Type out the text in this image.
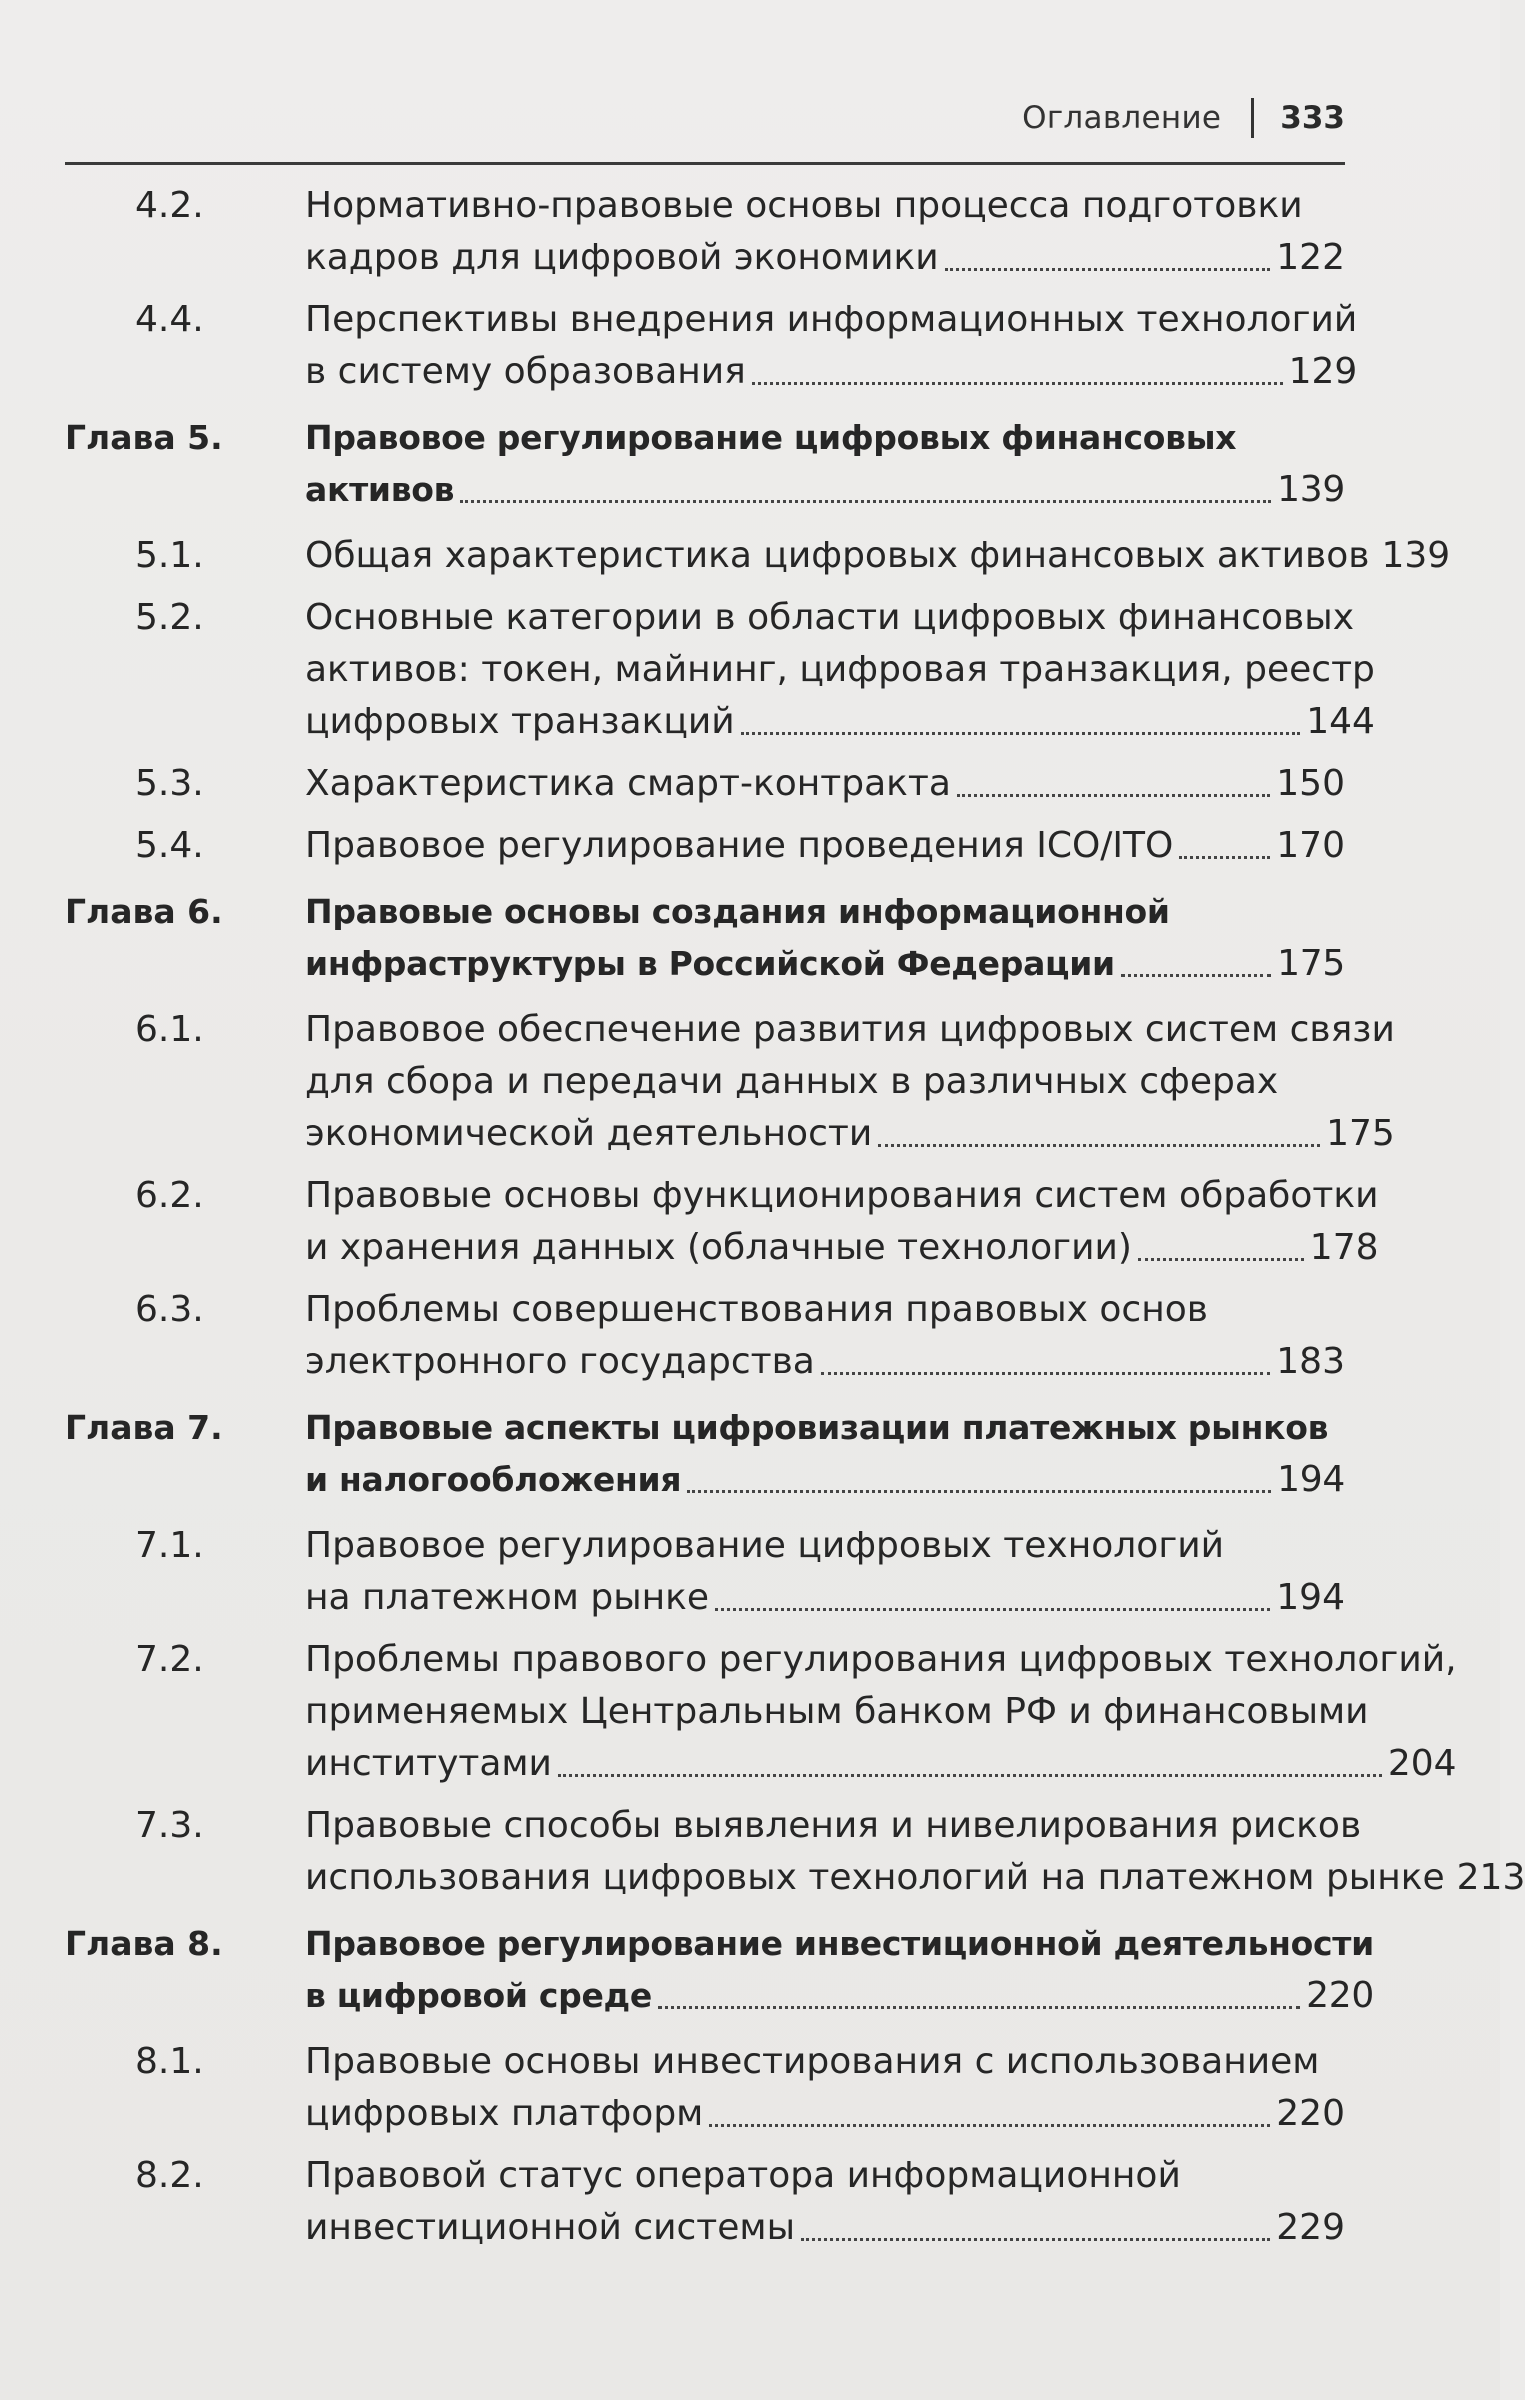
Оглавление 333
4.2.	Нормативно-правовые основы процесса подготовки
кадров для цифровой экономики	122
4.4.	Перспективы внедрения информационных технологий
в систему образования	129
Глава 5.	Правовое регулирование цифровых финансовых
активов	139
5.1.	Общая характеристика цифровых финансовых активов 139
5.2.	Основные категории в области цифровых финансовых
активов: токен, майнинг, цифровая транзакция, реестр
цифровых транзакций	144
5.3.	Характеристика смарт-контракта	150
5.4.	Правовое регулирование проведения ICO/ITO	170
Глава 6.	Правовые основы создания информационной
инфраструктуры в Российской Федерации	175
6.1.	Правовое обеспечение развития цифровых систем связи
для сбора и передачи данных в различных сферах
экономической деятельности	175
6.2.	Правовые основы функционирования систем обработки
и хранения данных (облачные технологии)	178
6.3.	Проблемы совершенствования правовых основ
электронного государства	183
Глава 7.	Правовые аспекты цифровизации платежных рынков
и налогообложения	194
7.1.	Правовое регулирование цифровых технологий
на платежном рынке	194
7.2.	Проблемы правового регулирования цифровых технологий,
применяемых Центральным банком РФ и финансовыми
институтами	204
7.3.	Правовые способы выявления и нивелирования рисков
использования цифровых технологий на платежном рынке 213
Глава 8.	Правовое регулирование инвестиционной деятельности
в цифровой среде	220
8.1.	Правовые основы инвестирования с использованием
цифровых платформ	220
8.2.	Правовой статус оператора информационной
инвестиционной системы	229
